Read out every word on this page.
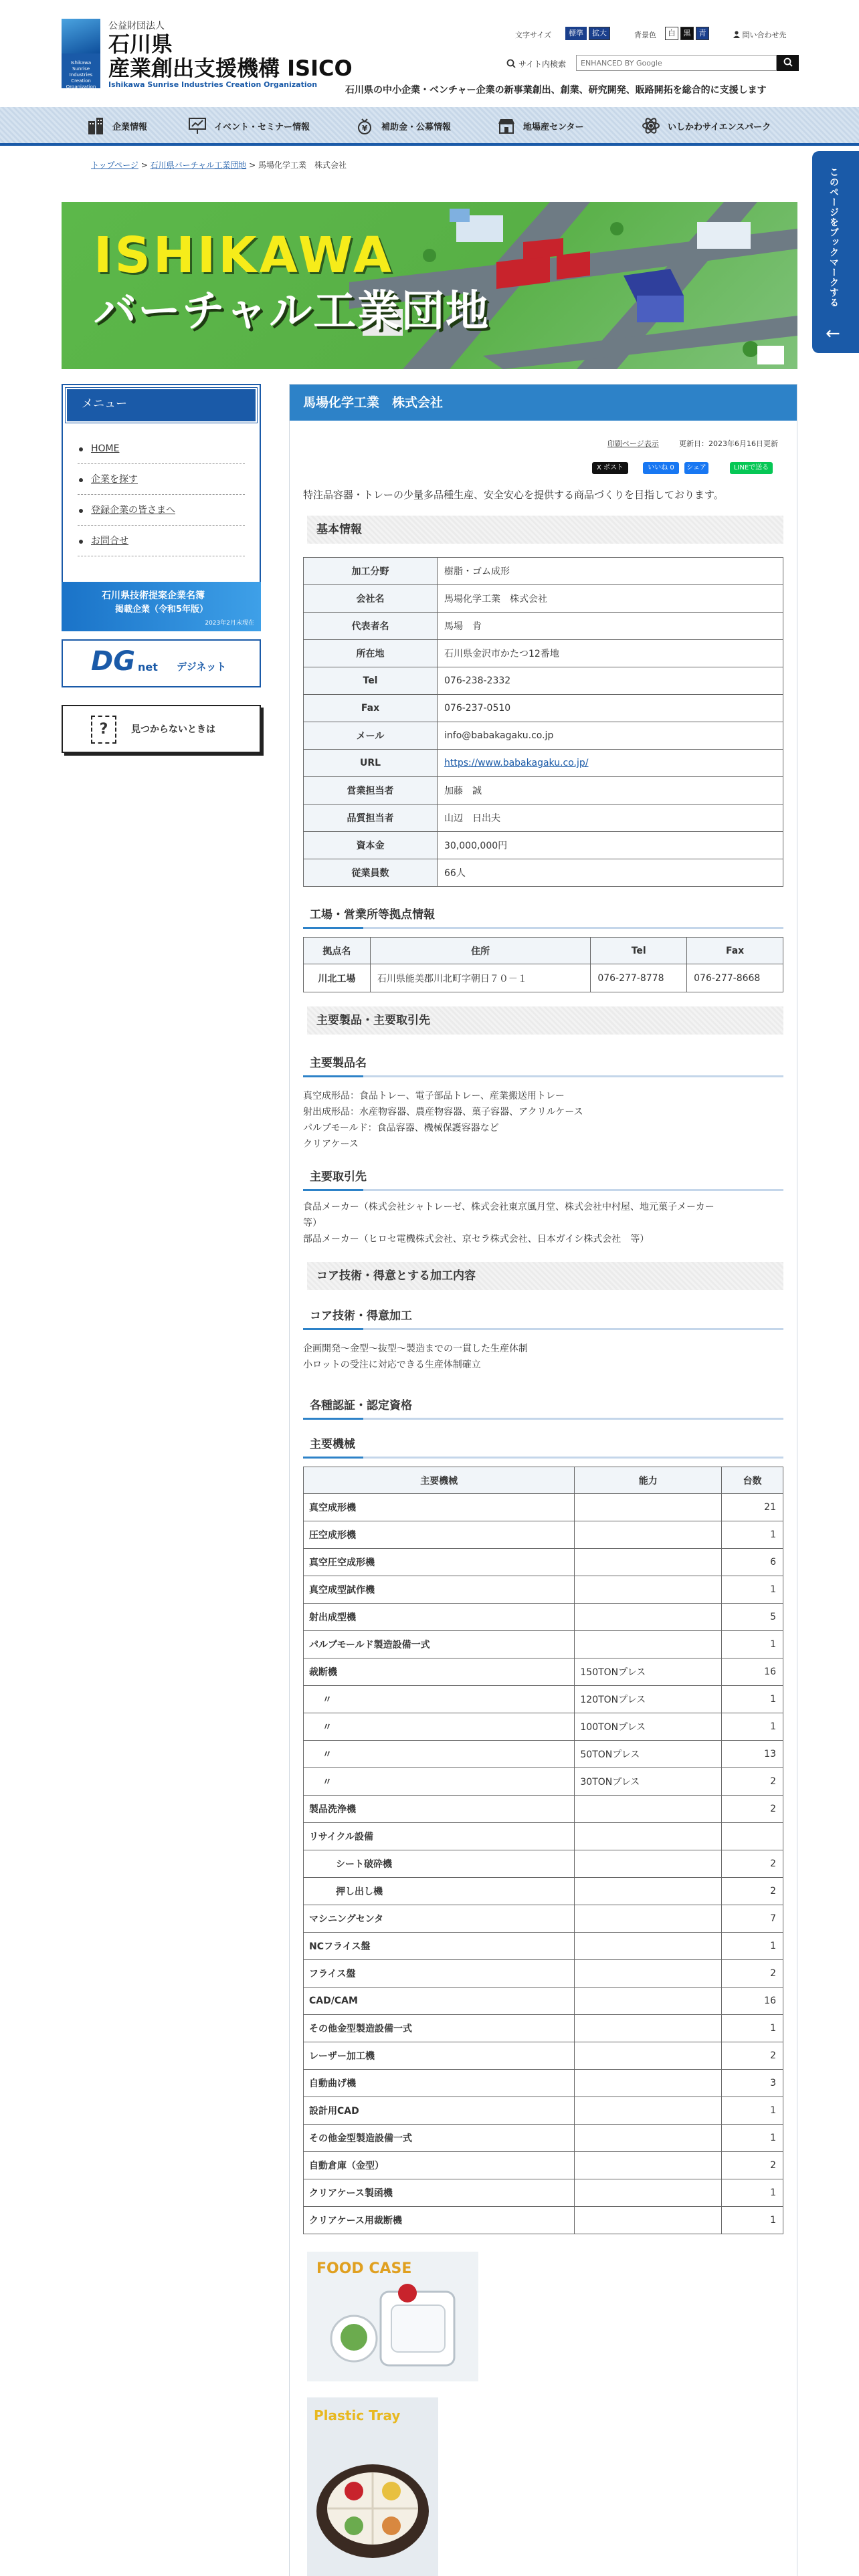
Ishikawa Sunrise Industries Creation Organization
公益財団法人
石川県
産業創出支援機構 ISICO
Ishikawa Sunrise Industries Creation Organization
文字サイズ	標準	拡大	背景色	白	黒	青	問い合わせ先
サイト内検索
ENHANCED BY Google
石川県の中小企業・ベンチャー企業の新事業創出、創業、研究開発、販路開拓を総合的に支援します
企業情報	イベント・セミナー情報	¥ 補助金・公募情報	地場産センター	いしかわサイエンスパーク
トップページ > 石川県バーチャル工業団地 > 馬場化学工業　株式会社
このページをブックマークする
←
ISHIKAWA
バーチャル工業団地
メニュー
HOME
企業を探す
登録企業の皆さまへ
お問合せ
石川県技術提案企業名簿
掲載企業（令和5年版）
2023年2月末現在
DG net デジネット
?	見つからないときは
馬場化学工業　株式会社
印刷ページ表示	更新日：2023年6月16日更新
X ポスト	いいね 0	シェア	LINEで送る
特注品容器・トレーの少量多品種生産、安全安心を提供する商品づくりを目指しております。
基本情報
加工分野	樹脂・ゴム成形
会社名	馬場化学工業　株式会社
代表者名	馬場　肯
所在地	石川県金沢市かたつ12番地
Tel	076-238-2332
Fax	076-237-0510
メール	info@babakagaku.co.jp
URL	https://www.babakagaku.co.jp/
営業担当者	加藤　誠
品質担当者	山辺　日出夫
資本金	30,000,000円
従業員数	66人
工場・営業所等拠点情報
拠点名	住所	Tel	Fax
川北工場	石川県能美郡川北町字朝日７０－１	076-277-8778	076-277-8668
主要製品・主要取引先
主要製品名
真空成形品：食品トレー、電子部品トレー、産業搬送用トレー
射出成形品：水産物容器、農産物容器、菓子容器、アクリルケース
パルプモールド：食品容器、機械保護容器など
クリアケース
主要取引先
食品メーカー（株式会社シャトレーゼ、株式会社東京風月堂、株式会社中村屋、地元菓子メーカー
等）
部品メーカー（ヒロセ電機株式会社、京セラ株式会社、日本ガイシ株式会社　等）
コア技術・得意とする加工内容
コア技術・得意加工
企画開発～金型～抜型～製造までの一貫した生産体制
小ロットの受注に対応できる生産体制確立
各種認証・認定資格
主要機械
主要機械	能力	台数
真空成形機		21
圧空成形機		1
真空圧空成形機		6
真空成型試作機		1
射出成型機		5
パルプモールド製造設備一式		1
裁断機	150TONプレス	16
〃	120TONプレス	1
〃	100TONプレス	1
〃	50TONプレス	13
〃	30TONプレス	2
製品洗浄機		2
リサイクル設備		
シート破砕機		2
押し出し機		2
マシニングセンタ		7
NCフライス盤		1
フライス盤		2
CAD/CAM		16
その他金型製造設備一式		1
レーザー加工機		2
自動曲げ機		3
設計用CAD		1
その他金型製造設備一式		1
自動倉庫（金型）		2
クリアケース製函機		1
クリアケース用裁断機		1
FOOD CASE
Plastic Tray
